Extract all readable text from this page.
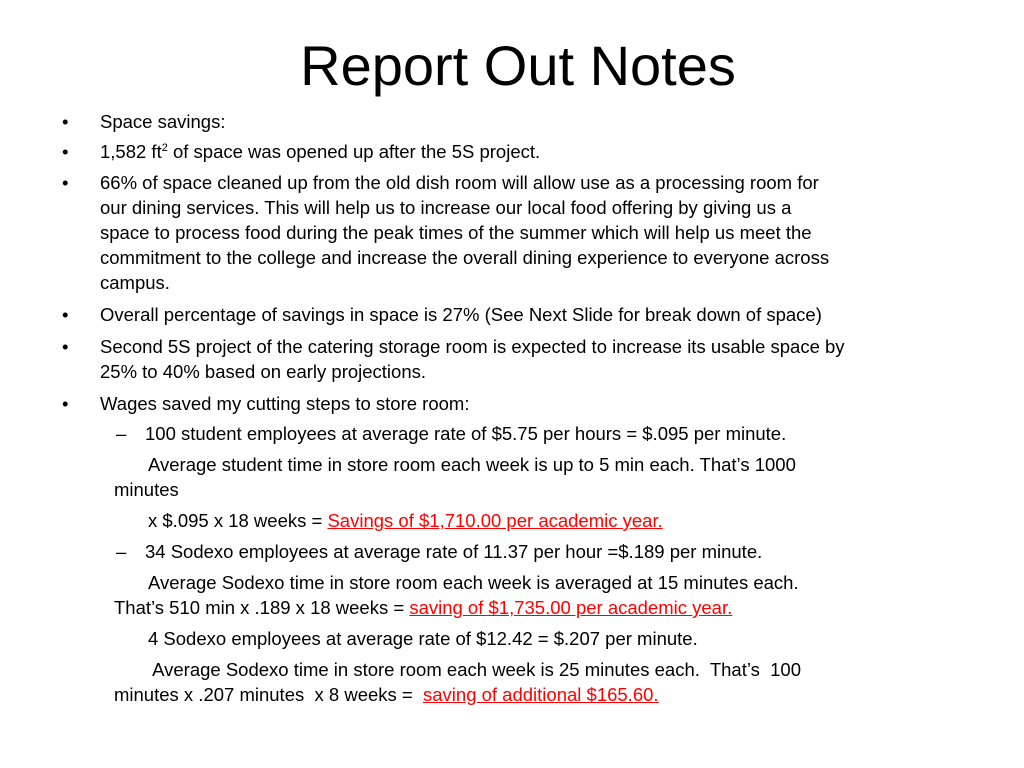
Report Out Notes
• Space savings:
• 1,582 $ft^2$ of space was opened up after the 5S project.
• 66% of space cleaned up from the old dish room will allow use as a processing room for
our dining services. This will help us to increase our local food offering by giving us a
space to process food during the peak times of the summer which will help us meet the
commitment to the college and increase the overall dining experience to everyone across
campus.
• Overall percentage of savings in space is 27% (See Next Slide for break down of space)
• Second 5S project of the catering storage room is expected to increase its usable space by
25% to 40% based on early projections.
• Wages saved my cutting steps to store room:
– 100 student employees at average rate of $5.75 per hours = $.095 per minute.
Average student time in store room each week is up to 5 min each. That’s 1000
minutes
x $.095 x 18 weeks = Savings of $1,710.00 per academic year.
– 34 Sodexo employees at average rate of 11.37 per hour =$.189 per minute.
Average Sodexo time in store room each week is averaged at 15 minutes each.
That’s 510 min x .189 x 18 weeks = saving of $1,735.00 per academic year.
4 Sodexo employees at average rate of $12.42 = $.207 per minute.
Average Sodexo time in store room each week is 25 minutes each.  That’s  100
minutes x .207 minutes  x 8 weeks =  saving of additional $165.60.
